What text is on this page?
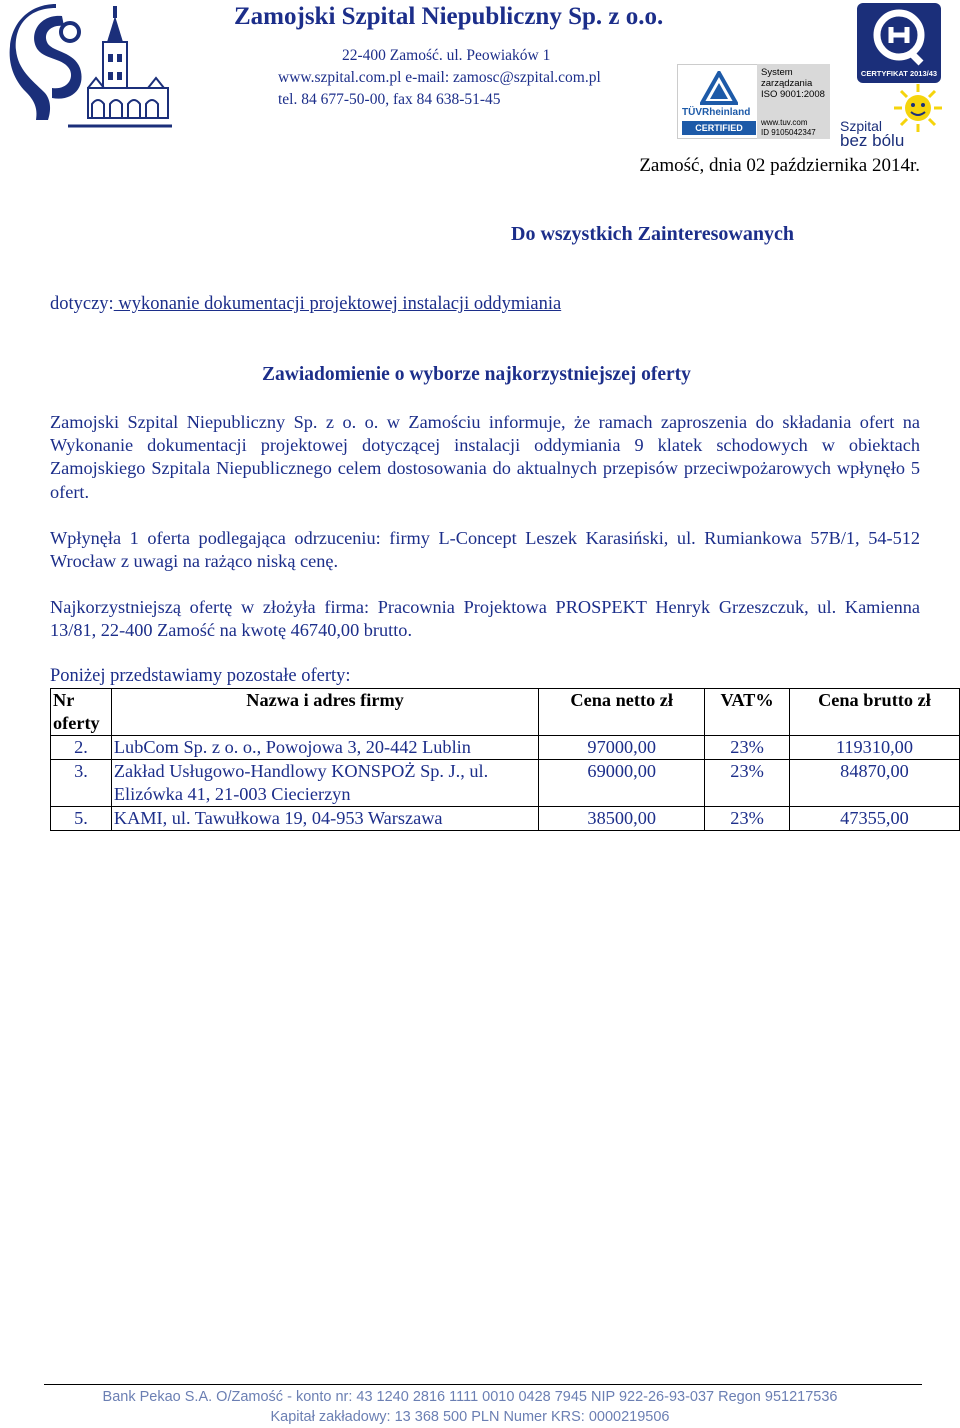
Zamojski Szpital Niepubliczny Sp. z o.o.
22-400 Zamość. ul. Peowiaków 1
www.szpital.com.pl e-mail: zamosc@szpital.com.pl
tel. 84 677-50-00, fax 84 638-51-45
TÜVRheinland
CERTIFIED
System
zarządzania
ISO 9001:2008
www.tuv.com
ID 9105042347
CERTYFIKAT 2013/43
Szpital
bez bólu
Zamość, dnia 02 października 2014r.
Do wszystkich Zainteresowanych
dotyczy: wykonanie dokumentacji projektowej instalacji oddymiania
Zawiadomienie o wyborze najkorzystniejszej oferty

Zamojski Szpital Niepubliczny Sp. z o. o. w Zamościu informuje, że ramach zaproszenia do składania ofert na Wykonanie dokumentacji projektowej dotyczącej instalacji oddymiania 9 klatek schodowych w obiektach Zamojskiego Szpitala Niepublicznego celem dostosowania do aktualnych przepisów przeciwpożarowych wpłynęło 5 ofert.

Wpłynęła 1 oferta podlegająca odrzuceniu: firmy L-Concept Leszek Karasiński, ul. Rumiankowa 57B/1, 54-512 Wrocław z uwagi na rażąco niską cenę.

Najkorzystniejszą ofertę w złożyła firma: Pracownia Projektowa PROSPEKT Henryk Grzeszczuk, ul. Kamienna 13/81, 22-400 Zamość na kwotę 46740,00 brutto.

Poniżej przedstawiamy pozostałe oferty:
Nr oferty	Nazwa i adres firmy	Cena netto zł	VAT%	Cena brutto zł
2.	LubCom Sp. z o. o., Powojowa 3, 20-442 Lublin	97000,00	23%	119310,00
3.	Zakład Usługowo-Handlowy KONSPOŻ Sp. J., ul. Elizówka 41, 21-003 Ciecierzyn	69000,00	23%	84870,00
5.	KAMI, ul. Tawułkowa 19, 04-953 Warszawa	38500,00	23%	47355,00
Bank Pekao S.A. O/Zamość - konto nr: 43 1240 2816 1111 0010 0428 7945 NIP 922-26-93-037 Regon 951217536
Kapitał zakładowy: 13 368 500 PLN Numer KRS: 0000219506
